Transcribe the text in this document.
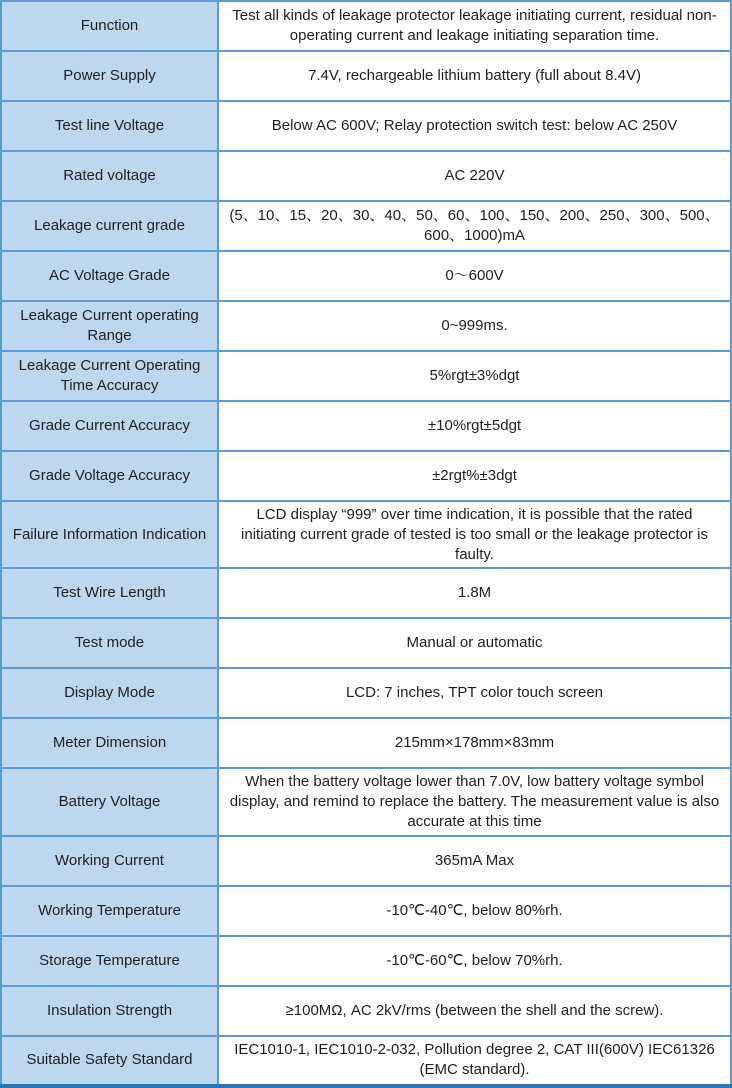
Function	Test all kinds of leakage protector leakage initiating current, residual non-operating current and leakage initiating separation time.
Power Supply	7.4V, rechargeable lithium battery (full about 8.4V)
Test line Voltage	Below AC 600V; Relay protection switch test: below AC 250V
Rated voltage	AC 220V
Leakage current grade	(5、10、15、20、30、40、50、60、100、150、200、250、300、500、600、1000)mA
AC Voltage Grade	0～600V
Leakage Current operating Range	0~999ms.
Leakage Current Operating Time Accuracy	5%rgt±3%dgt
Grade Current Accuracy	±10%rgt±5dgt
Grade Voltage Accuracy	±2rgt%±3dgt
Failure Information Indication	LCD display “999” over time indication, it is possible that the rated initiating current grade of tested is too small or the leakage protector is faulty.
Test Wire Length	1.8M
Test mode	Manual or automatic
Display Mode	LCD: 7 inches, TPT color touch screen
Meter Dimension	215mm×178mm×83mm
Battery Voltage	When the battery voltage lower than 7.0V, low battery voltage symbol display, and remind to replace the battery. The measurement value is also accurate at this time
Working Current	365mA Max
Working Temperature	-10℃-40℃, below 80%rh.
Storage Temperature	-10℃-60℃, below 70%rh.
Insulation Strength	≥100MΩ, AC 2kV/rms (between the shell and the screw).
Suitable Safety Standard	IEC1010-1, IEC1010-2-032, Pollution degree 2, CAT III(600V) IEC61326 (EMC standard).
